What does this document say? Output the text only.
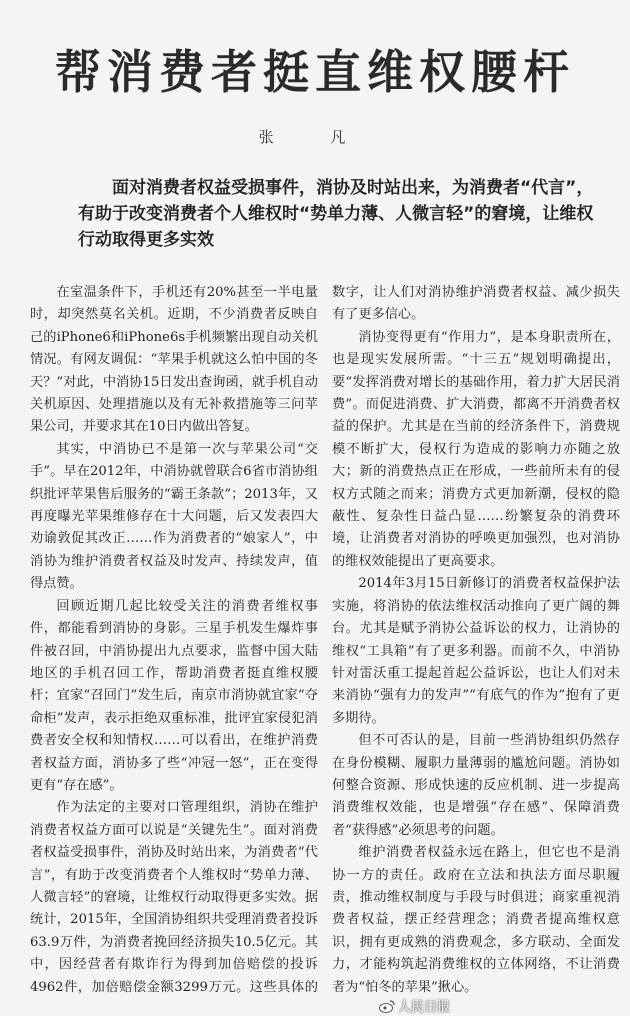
帮消费者挺直维权腰杆
张 凡

面对消费者权益受损事件，消协及时站出来，为消费者“代言”，有助于改变消费者个人维权时“势单力薄、人微言轻”的窘境，让维权行动取得更多实效

在室温条件下，手机还有20%甚至一半电量时，却突然莫名关机。近期，不少消费者反映自己的iPhone6和iPhone6s手机频繁出现自动关机情况。有网友调侃：“苹果手机就这么怕中国的冬天？”对此，中消协15日发出查询函，就手机自动关机原因、处理措施以及有无补救措施等三问苹果公司，并要求其在10日内做出答复。

其实，中消协已不是第一次与苹果公司“交手”。早在2012年，中消协就曾联合6省市消协组织批评苹果售后服务的“霸王条款”；2013年，又再度曝光苹果维修存在十大问题，后又发表四大劝谕敦促其改正……作为消费者的“娘家人”，中消协为维护消费者权益及时发声、持续发声，值得点赞。

回顾近期几起比较受关注的消费者维权事件，都能看到消协的身影。三星手机发生爆炸事件被召回，中消协提出九点要求，监督中国大陆地区的手机召回工作，帮助消费者挺直维权腰杆；宜家“召回门”发生后，南京市消协就宜家“夺命柜”发声，表示拒绝双重标准，批评宜家侵犯消费者安全权和知情权……可以看出，在维护消费者权益方面，消协多了些“冲冠一怒”，正在变得更有“存在感”。

作为法定的主要对口管理组织，消协在维护消费者权益方面可以说是“关键先生”。面对消费者权益受损事件，消协及时站出来，为消费者“代言”，有助于改变消费者个人维权时“势单力薄、人微言轻”的窘境，让维权行动取得更多实效。据统计，2015年，全国消协组织共受理消费者投诉63.9万件，为消费者挽回经济损失10.5亿元。其中，因经营者有欺诈行为得到加倍赔偿的投诉4962件，加倍赔偿金额3299万元。这些具体的数字，让人们对消协维护消费者权益、减少损失有了更多信心。

消协变得更有“作用力”，是本身职责所在，也是现实发展所需。“十三五”规划明确提出，要“发挥消费对增长的基础作用，着力扩大居民消费”。而促进消费、扩大消费，都离不开消费者权益的保护。尤其是在当前的经济条件下，消费规模不断扩大，侵权行为造成的影响力亦随之放大；新的消费热点正在形成，一些前所未有的侵权方式随之而来；消费方式更加新潮，侵权的隐蔽性、复杂性日益凸显……纷繁复杂的消费环境，让消费者对消协的呼唤更加强烈，也对消协的维权效能提出了更高要求。

2014年3月15日新修订的消费者权益保护法实施，将消协的依法维权活动推向了更广阔的舞台。尤其是赋予消协公益诉讼的权力，让消协的维权“工具箱”有了更多利器。而前不久，中消协针对雷沃重工提起首起公益诉讼，也让人们对未来消协“强有力的发声”“有底气的作为”抱有了更多期待。

但不可否认的是，目前一些消协组织仍然存在身份模糊、履职力量薄弱的尴尬问题。消协如何整合资源、形成快速的反应机制、进一步提高消费维权效能，也是增强“存在感”、保障消费者“获得感”必须思考的问题。

维护消费者权益永远在路上，但它也不是消协一方的责任。政府在立法和执法方面尽职履责，推动维权制度与手段与时俱进；商家重视消费者权益，摆正经营理念；消费者提高维权意识，拥有更成熟的消费观念，多方联动、全面发力，才能构筑起消费维权的立体网络，不让消费者为“怕冬的苹果”揪心。

人民日报
